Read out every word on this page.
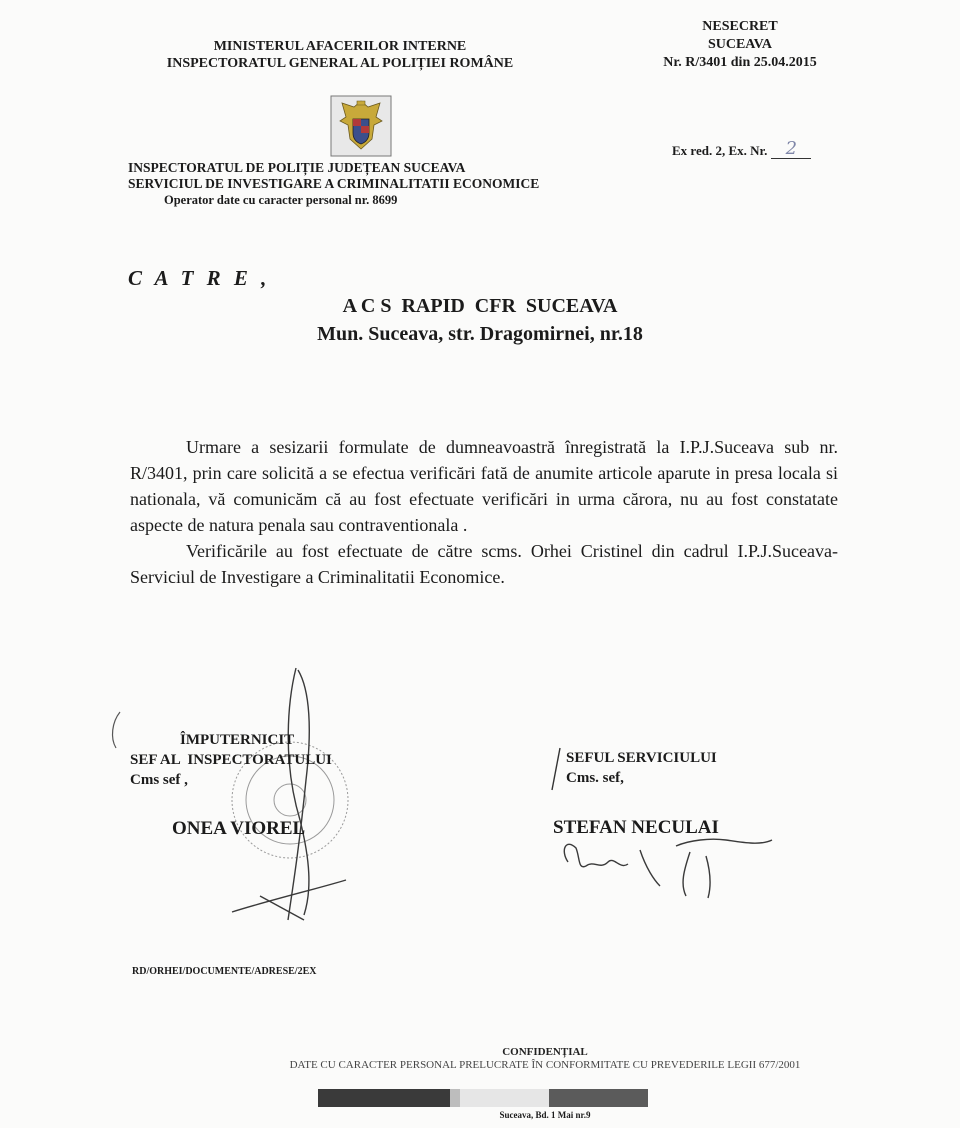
MINISTERUL AFACERILOR INTERNE
INSPECTORATUL GENERAL AL POLIȚIEI ROMÂNE
NESECRET
SUCEAVA
Nr. R/3401 din 25.04.2015
Ex red. 2, Ex. Nr.	2
INSPECTORATUL DE POLIȚIE JUDEȚEAN SUCEAVA
SERVICIUL DE INVESTIGARE A CRIMINALITATII ECONOMICE
Operator date cu caracter personal nr. 8699
C A T R E ,
A C S  RAPID  CFR  SUCEAVA
Mun. Suceava, str. Dragomirnei, nr.18

Urmare a sesizarii formulate de dumneavoastră înregistrată la I.P.J.Suceava sub nr. R/3401, prin care solicită a se efectua verificări fată de anumite articole aparute in presa locala si nationala, vă comunicăm că au fost efectuate verificări in urma cărora, nu au fost constatate aspecte de natura penala sau contraventionala .

Verificările au fost efectuate de către scms. Orhei Cristinel din cadrul I.P.J.Suceava-Serviciul de Investigare a Criminalitatii Economice.

ÎMPUTERNICIT
SEF AL  INSPECTORATULUI
Cms sef ,
ONEA VIOREL
SEFUL SERVICIULUI
Cms. sef,
STEFAN NECULAI
RD/ORHEI/DOCUMENTE/ADRESE/2EX
CONFIDENȚIAL
DATE CU CARACTER PERSONAL PRELUCRATE ÎN CONFORMITATE CU PREVEDERILE LEGII 677/2001
Suceava, Bd. 1 Mai nr.9
